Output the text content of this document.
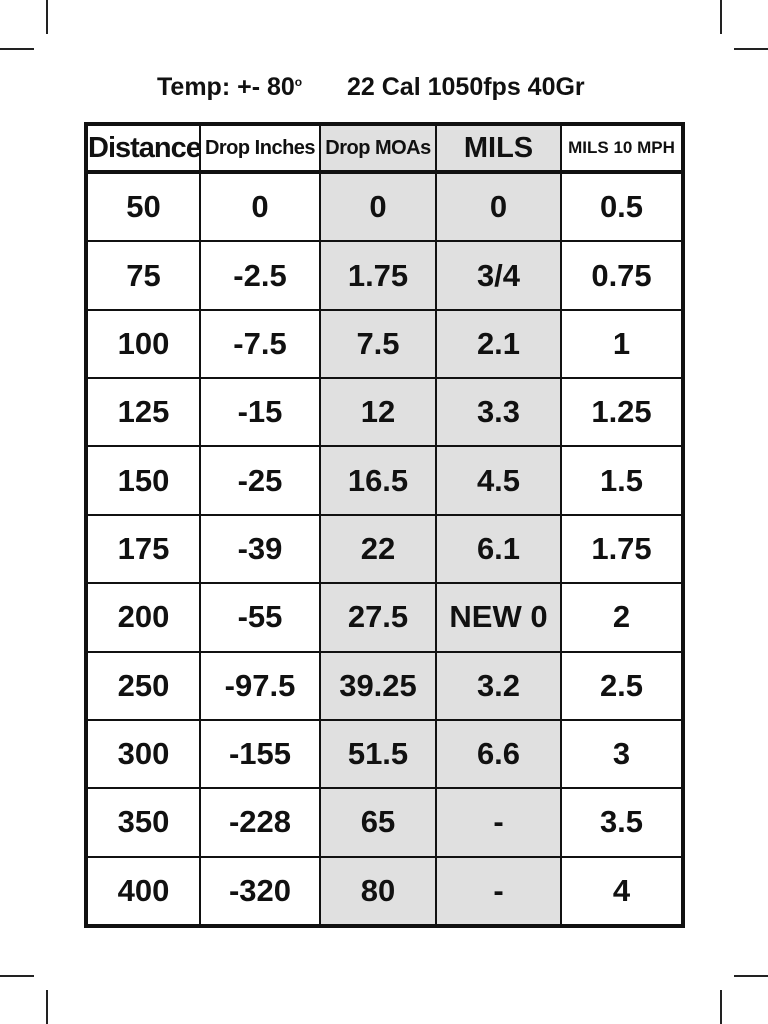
Temp: +- 80$^o$ 22 Cal 1050fps 40Gr
Distance	Drop Inches	Drop MOAs	MILS	MILS 10 MPH
50	0	0	0	0.5
75	-2.5	1.75	3/4	0.75
100	-7.5	7.5	2.1	1
125	-15	12	3.3	1.25
150	-25	16.5	4.5	1.5
175	-39	22	6.1	1.75
200	-55	27.5	NEW 0	2
250	-97.5	39.25	3.2	2.5
300	-155	51.5	6.6	3
350	-228	65	-	3.5
400	-320	80	-	4
